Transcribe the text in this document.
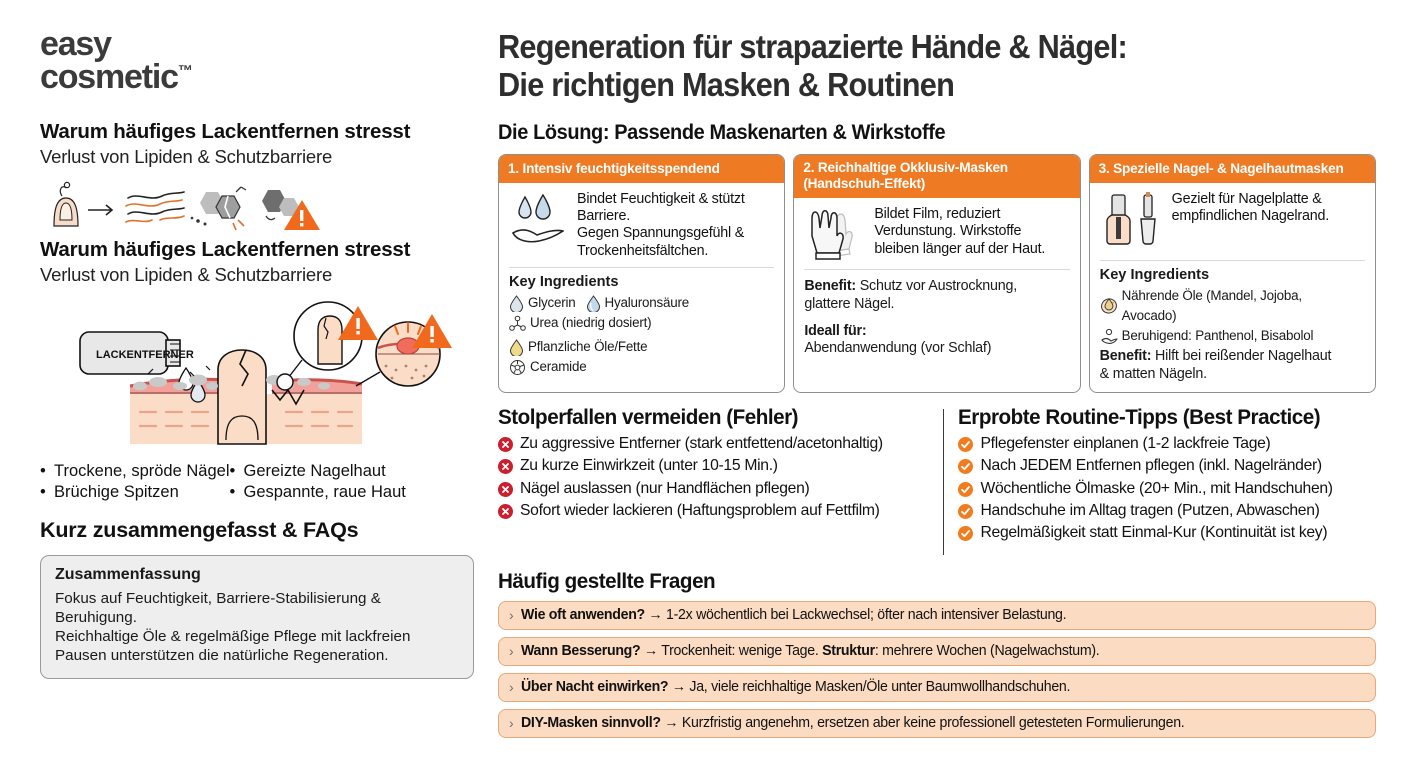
easy
cosmetic™
Warum häufiges Lackentfernen stresst
Verlust von Lipiden & Schutzbarriere
Warum häufiges Lackentfernen stresst
Verlust von Lipiden & Schutzbarriere
LACKENTFERNER
• Trockene, spröde Nägel
• Brüchige Spitzen
• Gereizte Nagelhaut
• Gespannte, raue Haut
Kurz zusammengefasst & FAQs
Zusammenfassung
Fokus auf Feuchtigkeit, Barriere-Stabilisierung &
Beruhigung.
Reichhaltige Öle & regelmäßige Pflege mit lackfreien
Pausen unterstützen die natürliche Regeneration.
Regeneration für strapazierte Hände & Nägel:
Die richtigen Masken & Routinen
Die Lösung: Passende Maskenarten & Wirkstoffe
1. Intensiv feuchtigkeitsspendend
Bindet Feuchtigkeit & stützt
Barriere.
Gegen Spannungsgefühl &
Trockenheitsfältchen.
Key Ingredients
Glycerin Hyaluronsäure
Urea (niedrig dosiert)
Pflanzliche Öle/Fette
Ceramide
2. Reichhaltige Okklusiv-Masken
(Handschuh-Effekt)
Bildet Film, reduziert
Verdunstung. Wirkstoffe
bleiben länger auf der Haut.
Benefit: Schutz vor Austrocknung,
glattere Nägel.
Ideall für:
Abendanwendung (vor Schlaf)
3. Spezielle Nagel- & Nagelhautmasken
Gezielt für Nagelplatte &
empfindlichen Nagelrand.
Key Ingredients
Nährende Öle (Mandel, Jojoba, Avocado)
Beruhigend: Panthenol, Bisabolol
Benefit: Hilft bei reißender Nagelhaut
& matten Nägeln.
Stolperfallen vermeiden (Fehler)
Zu aggressive Entferner (stark entfettend/acetonhaltig)
Zu kurze Einwirkzeit (unter 10-15 Min.)
Nägel auslassen (nur Handflächen pflegen)
Sofort wieder lackieren (Haftungsproblem auf Fettfilm)
Erprobte Routine-Tipps (Best Practice)
Pflegefenster einplanen (1-2 lackfreie Tage)
Nach JEDEM Entfernen pflegen (inkl. Nagelränder)
Wöchentliche Ölmaske (20+ Min., mit Handschuhen)
Handschuhe im Alltag tragen (Putzen, Abwaschen)
Regelmäßigkeit statt Einmal-Kur (Kontinuität ist key)
Häufig gestellte Fragen
› Wie oft anwenden? → 1-2x wöchentlich bei Lackwechsel; öfter nach intensiver Belastung.
› Wann Besserung? → Trockenheit: wenige Tage. Struktur: mehrere Wochen (Nagelwachstum).
› Über Nacht einwirken? → Ja, viele reichhaltige Masken/Öle unter Baumwollhandschuhen.
› DIY-Masken sinnvoll? → Kurzfristig angenehm, ersetzen aber keine professionell getesteten Formulierungen.
